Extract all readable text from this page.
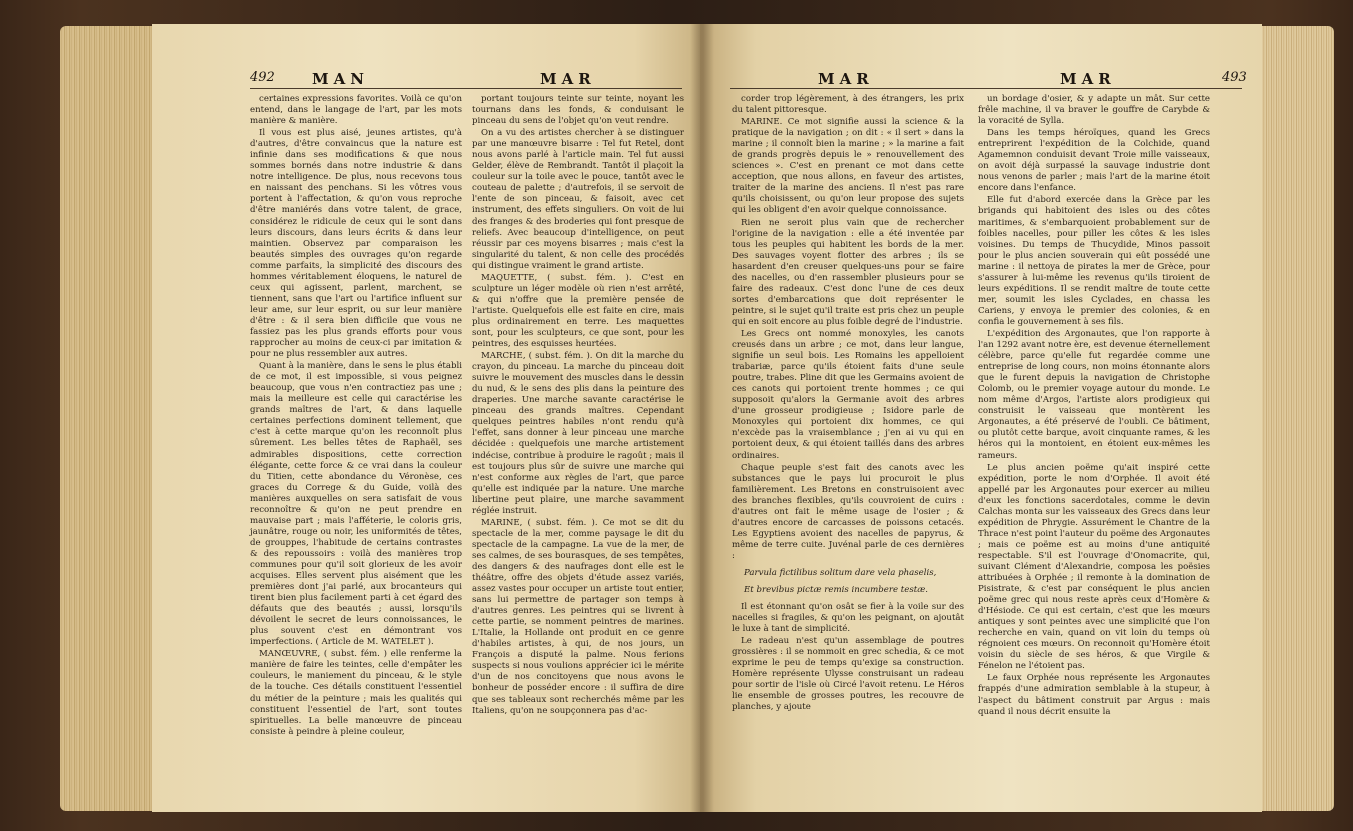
492 MAN	MAR

certaines expressions favorites. Voilà ce qu'on entend, dans le langage de l'art, par les mots manière & manière.

Il vous est plus aisé, jeunes artistes, qu'à d'autres, d'être convaincus que la nature est infinie dans ses modifications & que nous sommes bornés dans notre industrie & dans notre intelligence. De plus, nous recevons tous en naissant des penchans. Si les vôtres vous portent à l'affectation, & qu'on vous reproche d'être maniérés dans votre talent, de grace, considérez le ridicule de ceux qui le sont dans leurs discours, dans leurs écrits & dans leur maintien. Observez par comparaison les beautés simples des ouvrages qu'on regarde comme parfaits, la simplicité des discours des hommes véritablement éloquens, le naturel de ceux qui agissent, parlent, marchent, se tiennent, sans que l'art ou l'artifice influent sur leur ame, sur leur esprit, ou sur leur manière d'être : & il sera bien difficile que vous ne fassiez pas les plus grands efforts pour vous rapprocher au moins de ceux-ci par imitation & pour ne plus ressembler aux autres.

Quant à la manière, dans le sens le plus établi de ce mot, il est impossible, si vous peignez beaucoup, que vous n'en contractiez pas une ; mais la meilleure est celle qui caractérise les grands maîtres de l'art, & dans laquelle certaines perfections dominent tellement, que c'est à cette marque qu'on les reconnoît plus sûrement. Les belles têtes de Raphaël, ses admirables dispositions, cette correction élégante, cette force & ce vrai dans la couleur du Titien, cette abondance du Véronèse, ces graces du Correge & du Guide, voilà des manières auxquelles on sera satisfait de vous reconnoître & qu'on ne peut prendre en mauvaise part ; mais l'afféterie, le coloris gris, jaunâtre, rouge ou noir, les uniformités de têtes, de grouppes, l'habitude de certains contrastes & des repoussoirs : voilà des manières trop communes pour qu'il soit glorieux de les avoir acquises. Elles servent plus aisément que les premières dont j'ai parlé, aux brocanteurs qui tirent bien plus facilement parti à cet égard des défauts que des beautés ; aussi, lorsqu'ils dévoilent le secret de leurs connoissances, le plus souvent c'est en démontrant vos imperfections. ( Article de M. WATELET ).

MANŒUVRE, ( subst. fém. ) elle renferme la manière de faire les teintes, celle d'empâter les couleurs, le maniement du pinceau, & le style de la touche. Ces détails constituent l'essentiel du métier de la peinture ; mais les qualités qui constituent l'essentiel de l'art, sont toutes spirituelles. La belle manœuvre de pinceau consiste à peindre à pleine couleur,

portant toujours teinte sur teinte, noyant les tournans dans les fonds, & conduisant le pinceau du sens de l'objet qu'on veut rendre.

On a vu des artistes chercher à se distinguer par une manœuvre bisarre : Tel fut Retel, dont nous avons parlé à l'article main. Tel fut aussi Gelder, élève de Rembrandt. Tantôt il plaçoit la couleur sur la toile avec le pouce, tantôt avec le couteau de palette ; d'autrefois, il se servoit de l'ente de son pinceau, & faisoit, avec cet instrument, des effets singuliers. On voit de lui des franges & des broderies qui font presque de reliefs. Avec beaucoup d'intelligence, on peut réussir par ces moyens bisarres ; mais c'est la singularité du talent, & non celle des procédés qui distingue vraiment le grand artiste.

MAQUETTE, ( subst. fém. ). C'est en sculpture un léger modèle où rien n'est arrêté, & qui n'offre que la première pensée de l'artiste. Quelquefois elle est faite en cire, mais plus ordinairement en terre. Les maquettes sont, pour les sculpteurs, ce que sont, pour les peintres, des esquisses heurtées.

MARCHE, ( subst. fém. ). On dit la marche du crayon, du pinceau. La marche du pinceau doit suivre le mouvement des muscles dans le dessin du nud, & le sens des plis dans la peinture des draperies. Une marche savante caractérise le pinceau des grands maîtres. Cependant quelques peintres habiles n'ont rendu qu'à l'effet, sans donner à leur pinceau une marche décidée : quelquefois une marche artistement indécise, contribue à produire le ragoût ; mais il est toujours plus sûr de suivre une marche qui n'est conforme aux règles de l'art, que parce qu'elle est indiquée par la nature. Une marche libertine peut plaire, une marche savamment réglée instruit.

MARINE, ( subst. fém. ). Ce mot se dit du spectacle de la mer, comme paysage le dit du spectacle de la campagne. La vue de la mer, de ses calmes, de ses bourasques, de ses tempêtes, des dangers & des naufrages dont elle est le théâtre, offre des objets d'étude assez variés, assez vastes pour occuper un artiste tout entier, sans lui permettre de partager son temps à d'autres genres. Les peintres qui se livrent à cette partie, se nomment peintres de marines. L'Italie, la Hollande ont produit en ce genre d'habiles artistes, à qui, de nos jours, un François a disputé la palme. Nous ferions suspects si nous voulions apprécier ici le mérite d'un de nos concitoyens que nous avons le bonheur de posséder encore : il suffira de dire que ses tableaux sont recherchés même par les Italiens, qu'on ne soupçonnera pas d'ac-

MAR	MAR	493

corder trop légèrement, à des étrangers, les prix du talent pittoresque.

MARINE. Ce mot signifie aussi la science & la pratique de la navigation ; on dit : « il sert » dans la marine ; il connoît bien la marine ; » la marine a fait de grands progrès depuis le » renouvellement des sciences ». C'est en prenant ce mot dans cette acception, que nous allons, en faveur des artistes, traiter de la marine des anciens. Il n'est pas rare qu'ils choisissent, ou qu'on leur propose des sujets qui les obligent d'en avoir quelque connoissance.

Rien ne seroit plus vain que de rechercher l'origine de la navigation : elle a été inventée par tous les peuples qui habitent les bords de la mer. Des sauvages voyent flotter des arbres ; ils se hasardent d'en creuser quelques-uns pour se faire des nacelles, ou d'en rassembler plusieurs pour se faire des radeaux. C'est donc l'une de ces deux sortes d'embarcations que doit représenter le peintre, si le sujet qu'il traite est pris chez un peuple qui en soit encore au plus foible degré de l'industrie.

Les Grecs ont nommé monoxyles, les canots creusés dans un arbre ; ce mot, dans leur langue, signifie un seul bois. Les Romains les appelloient trabariæ, parce qu'ils étoient faits d'une seule poutre, trabes. Pline dit que les Germains avoient de ces canots qui portoient trente hommes ; ce qui supposoit qu'alors la Germanie avoit des arbres d'une grosseur prodigieuse ; Isidore parle de Monoxyles qui portoient dix hommes, ce qui n'excède pas la vraisemblance ; j'en ai vu qui en portoient deux, & qui étoient taillés dans des arbres ordinaires.

Chaque peuple s'est fait des canots avec les substances que le pays lui procuroit le plus familièrement. Les Bretons en construisoient avec des branches flexibles, qu'ils couvroient de cuirs : d'autres ont fait le même usage de l'osier ; & d'autres encore de carcasses de poissons cetacés. Les Egyptiens avoient des nacelles de papyrus, & même de terre cuite. Juvénal parle de ces dernières :

Parvula fictilibus solitum dare vela phaselis,

Et brevibus pictæ remis incumbere testæ.

Il est étonnant qu'on osât se fier à la voile sur des nacelles si fragiles, & qu'on les peignant, on ajoutât le luxe à tant de simplicité.

Le radeau n'est qu'un assemblage de poutres grossières : il se nommoit en grec schedia, & ce mot exprime le peu de temps qu'exige sa construction. Homère représente Ulysse construisant un radeau pour sortir de l'isle où Circé l'avoit retenu. Le Héros lie ensemble de grosses poutres, les recouvre de planches, y ajoute

un bordage d'osier, & y adapte un mât. Sur cette frêle machine, il va braver le gouffre de Carybde & la voracité de Sylla.

Dans les temps héroïques, quand les Grecs entreprirent l'expédition de la Colchide, quand Agamemnon conduisit devant Troie mille vaisseaux, on avoit déjà surpassé la sauvage industrie dont nous venons de parler ; mais l'art de la marine étoit encore dans l'enfance.

Elle fut d'abord exercée dans la Grèce par les brigands qui habitoient des isles ou des côtes maritimes, & s'embarquoient probablement sur de foibles nacelles, pour piller les côtes & les isles voisines. Du temps de Thucydide, Minos passoit pour le plus ancien souverain qui eût possédé une marine : il nettoya de pirates la mer de Grèce, pour s'assurer à lui-même les revenus qu'ils tiroient de leurs expéditions. Il se rendit maître de toute cette mer, soumit les isles Cyclades, en chassa les Cariens, y envoya le premier des colonies, & en confia le gouvernement à ses fils.

L'expédition des Argonautes, que l'on rapporte à l'an 1292 avant notre ère, est devenue éternellement célèbre, parce qu'elle fut regardée comme une entreprise de long cours, non moins étonnante alors que le furent depuis la navigation de Christophe Colomb, ou le premier voyage autour du monde. Le nom même d'Argos, l'artiste alors prodigieux qui construisit le vaisseau que montèrent les Argonautes, a été préservé de l'oubli. Ce bâtiment, ou plutôt cette barque, avoit cinquante rames, & les héros qui la montoient, en étoient eux-mêmes les rameurs.

Le plus ancien poëme qu'ait inspiré cette expédition, porte le nom d'Orphée. Il avoit été appellé par les Argonautes pour exercer au milieu d'eux les fonctions sacerdotales, comme le devin Calchas monta sur les vaisseaux des Grecs dans leur expédition de Phrygie. Assurément le Chantre de la Thrace n'est point l'auteur du poëme des Argonautes ; mais ce poëme est au moins d'une antiquité respectable. S'il est l'ouvrage d'Onomacrite, qui, suivant Clément d'Alexandrie, composa les poësies attribuées à Orphée ; il remonte à la domination de Pisistrate, & c'est par conséquent le plus ancien poëme grec qui nous reste après ceux d'Homère & d'Hésiode. Ce qui est certain, c'est que les mœurs antiques y sont peintes avec une simplicité que l'on recherche en vain, quand on vit loin du temps où régnoient ces mœurs. On reconnoit qu'Homère étoit voisin du siècle de ses héros, & que Virgile & Fénelon ne l'étoient pas.

Le faux Orphée nous représente les Argonautes frappés d'une admiration semblable à la stupeur, à l'aspect du bâtiment construit par Argus : mais quand il nous décrit ensuite la
